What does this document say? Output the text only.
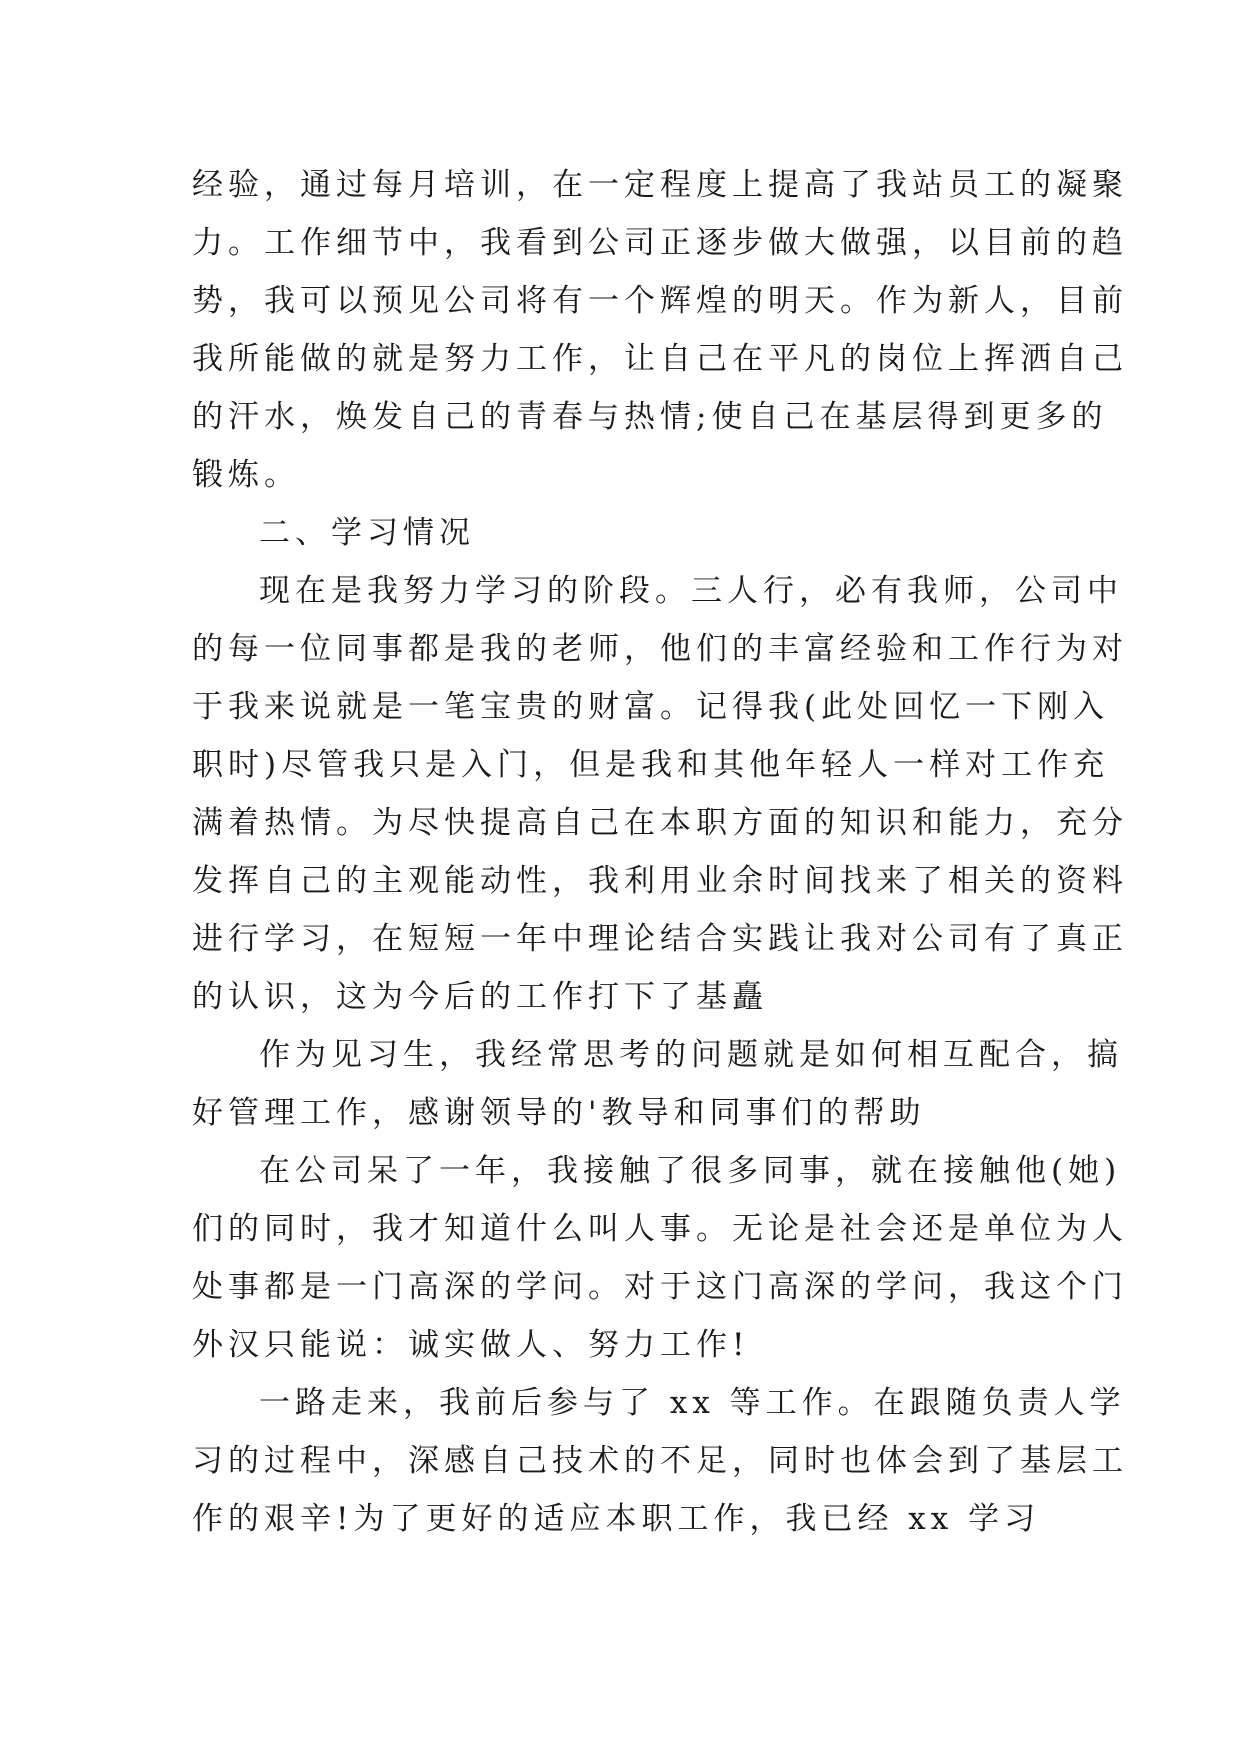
经验，通过每月培训，在一定程度上提高了我站员工的凝聚
力。工作细节中，我看到公司正逐步做大做强，以目前的趋
势，我可以预见公司将有一个辉煌的明天。作为新人，目前
我所能做的就是努力工作，让自己在平凡的岗位上挥洒自己
的汗水，焕发自己的青春与热情;使自己在基层得到更多的
锻炼。
二、学习情况
现在是我努力学习的阶段。三人行，必有我师，公司中
的每一位同事都是我的老师，他们的丰富经验和工作行为对
于我来说就是一笔宝贵的财富。记得我(此处回忆一下刚入
职时)尽管我只是入门，但是我和其他年轻人一样对工作充
满着热情。为尽快提高自己在本职方面的知识和能力，充分
发挥自己的主观能动性，我利用业余时间找来了相关的资料
进行学习，在短短一年中理论结合实践让我对公司有了真正
的认识，这为今后的工作打下了基矗
作为见习生，我经常思考的问题就是如何相互配合，搞
好管理工作，感谢领导的'教导和同事们的帮助
在公司呆了一年，我接触了很多同事，就在接触他(她)
们的同时，我才知道什么叫人事。无论是社会还是单位为人
处事都是一门高深的学问。对于这门高深的学问，我这个门
外汉只能说：诚实做人、努力工作!
一路走来，我前后参与了 xx 等工作。在跟随负责人学
习的过程中，深感自己技术的不足，同时也体会到了基层工
作的艰辛!为了更好的适应本职工作，我已经 xx 学习
